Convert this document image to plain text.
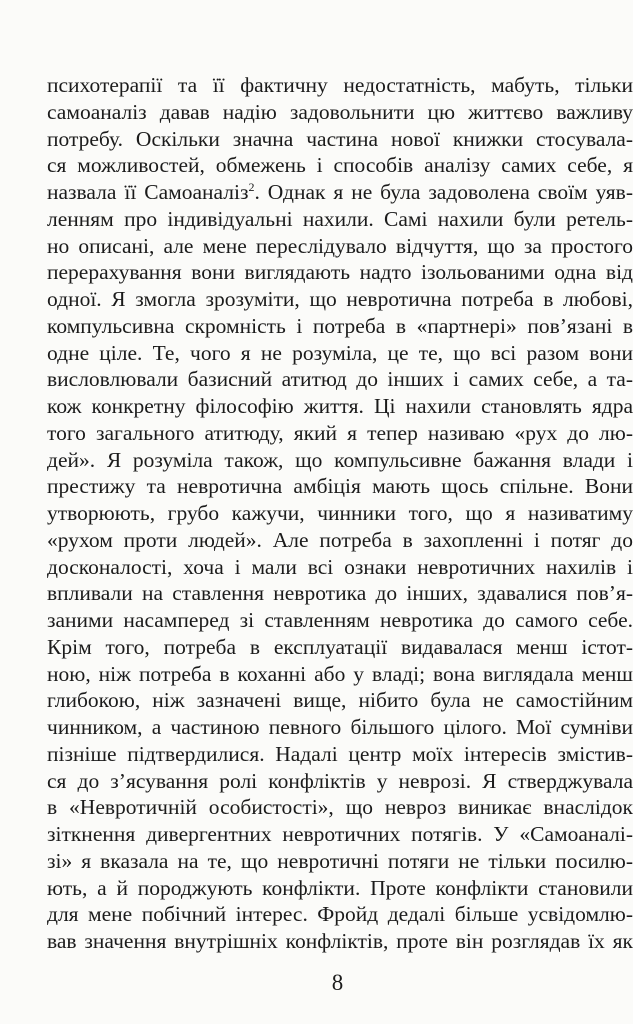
психотерапії та її фактичну недостатність, мабуть, тільки
самоаналіз давав надію задовольнити цю життєво важливу
потребу. Оскільки значна частина нової книжки стосувала-
ся можливостей, обмежень і способів аналізу самих себе, я
назвала її Самоаналіз$^2$. Однак я не була задоволена своїм уяв-
ленням про індивідуальні нахили. Самі нахили були ретель-
но описані, але мене переслідувало відчуття, що за простого
перерахування вони виглядають надто ізольованими одна від
одної. Я змогла зрозуміти, що невротична потреба в любові,
компульсивна скромність і потреба в «партнері» пов’язані в
одне ціле. Те, чого я не розуміла, це те, що всі разом вони
висловлювали базисний атитюд до інших і самих себе, а та-
кож конкретну філософію життя. Ці нахили становлять ядра
того загального атитюду, який я тепер називаю «рух до лю-
дей». Я розуміла також, що компульсивне бажання влади і
престижу та невротична амбіція мають щось спільне. Вони
утворюють, грубо кажучи, чинники того, що я називатиму
«рухом проти людей». Але потреба в захопленні і потяг до
досконалості, хоча і мали всі ознаки невротичних нахилів і
впливали на ставлення невротика до інших, здавалися пов’я-
заними насамперед зі ставленням невротика до самого себе.
Крім того, потреба в експлуатації видавалася менш істот-
ною, ніж потреба в коханні або у владі; вона виглядала менш
глибокою, ніж зазначені вище, нібито була не самостійним
чинником, а частиною певного більшого цілого. Мої сумніви
пізніше підтвердилися. Надалі центр моїх інтересів змістив-
ся до з’ясування ролі конфліктів у неврозі. Я стверджувала
в «Невротичній особистості», що невроз виникає внаслідок
зіткнення дивергентних невротичних потягів. У «Самоаналі-
зі» я вказала на те, що невротичні потяги не тільки посилю-
ють, а й породжують конфлікти. Проте конфлікти становили
для мене побічний інтерес. Фройд дедалі більше усвідомлю-
вав значення внутрішніх конфліктів, проте він розглядав їх як
8
